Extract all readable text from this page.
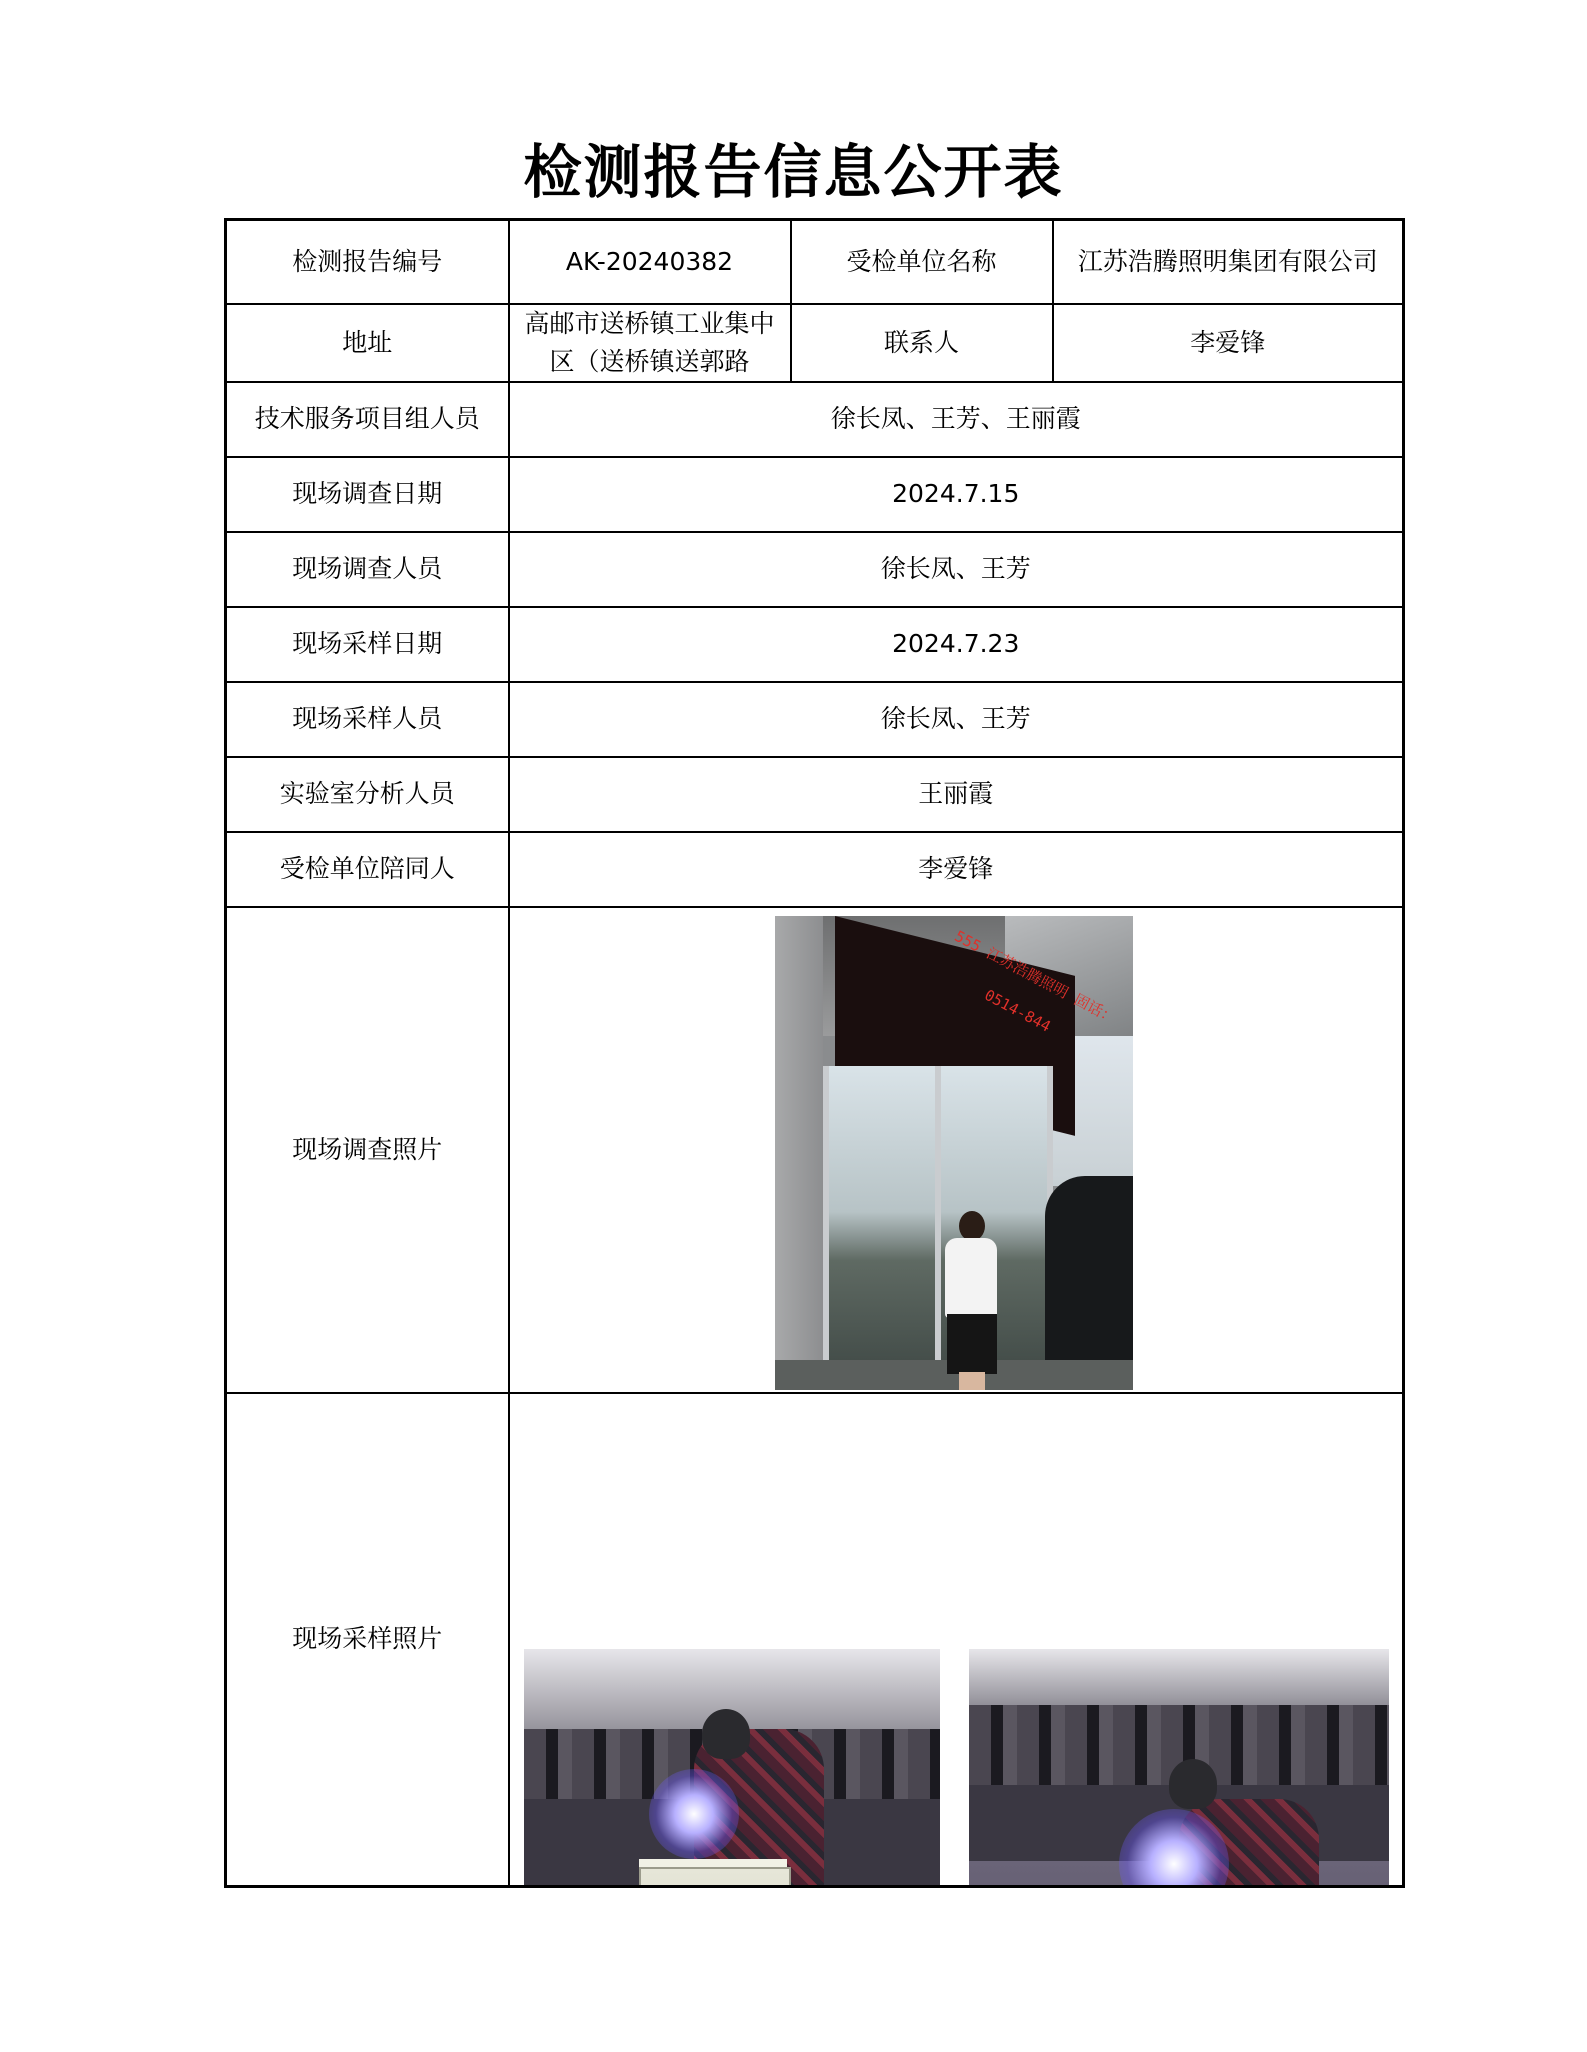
检测报告信息公开表
检测报告编号	AK-20240382	受检单位名称	江苏浩腾照明集团有限公司
地址	高邮市送桥镇工业集中区（送桥镇送郭路	联系人	李爱锋
技术服务项目组人员	徐长凤、王芳、王丽霞		
现场调查日期	2024.7.15		
现场调查人员	徐长凤、王芳		
现场采样日期	2024.7.23		
现场采样人员	徐长凤、王芳		
实验室分析人员	王丽霞		
受检单位陪同人	李爱锋		
现场调查照片	555 江苏浩腾照明 固话：0514-844		

现场采样照片			
